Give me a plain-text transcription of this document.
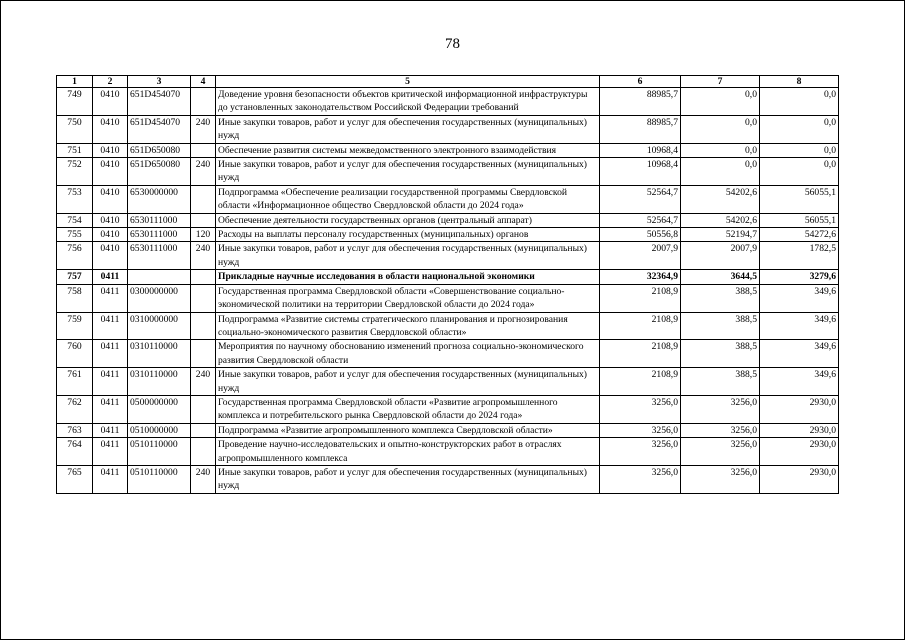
78
1	2	3	4	5	6	7	8
749	0410	651D454070		Доведение уровня безопасности объектов критической информационной инфраструктуры до установленных законодательством Российской Федерации требований	88985,7	0,0	0,0
750	0410	651D454070	240	Иные закупки товаров, работ и услуг для обеспечения государственных (муниципальных) нужд	88985,7	0,0	0,0
751	0410	651D650080		Обеспечение развития системы межведомственного электронного взаимодействия	10968,4	0,0	0,0
752	0410	651D650080	240	Иные закупки товаров, работ и услуг для обеспечения государственных (муниципальных) нужд	10968,4	0,0	0,0
753	0410	6530000000		Подпрограмма «Обеспечение реализации государственной программы Свердловской области «Информационное общество Свердловской области до 2024 года»	52564,7	54202,6	56055,1
754	0410	6530111000		Обеспечение деятельности государственных органов (центральный аппарат)	52564,7	54202,6	56055,1
755	0410	6530111000	120	Расходы на выплаты персоналу государственных (муниципальных) органов	50556,8	52194,7	54272,6
756	0410	6530111000	240	Иные закупки товаров, работ и услуг для обеспечения государственных (муниципальных) нужд	2007,9	2007,9	1782,5
757	0411			Прикладные научные исследования в области национальной экономики	32364,9	3644,5	3279,6
758	0411	0300000000		Государственная программа Свердловской области «Совершенствование социально-экономической политики на территории Свердловской области до 2024 года»	2108,9	388,5	349,6
759	0411	0310000000		Подпрограмма «Развитие системы стратегического планирования и прогнозирования социально-экономического развития Свердловской области»	2108,9	388,5	349,6
760	0411	0310110000		Мероприятия по научному обоснованию изменений прогноза социально-экономического развития Свердловской области	2108,9	388,5	349,6
761	0411	0310110000	240	Иные закупки товаров, работ и услуг для обеспечения государственных (муниципальных) нужд	2108,9	388,5	349,6
762	0411	0500000000		Государственная программа Свердловской области «Развитие агропромышленного комплекса и потребительского рынка Свердловской области до 2024 года»	3256,0	3256,0	2930,0
763	0411	0510000000		Подпрограмма «Развитие агропромышленного комплекса Свердловской области»	3256,0	3256,0	2930,0
764	0411	0510110000		Проведение научно-исследовательских и опытно-конструкторских работ в отраслях агропромышленного комплекса	3256,0	3256,0	2930,0
765	0411	0510110000	240	Иные закупки товаров, работ и услуг для обеспечения государственных (муниципальных) нужд	3256,0	3256,0	2930,0
